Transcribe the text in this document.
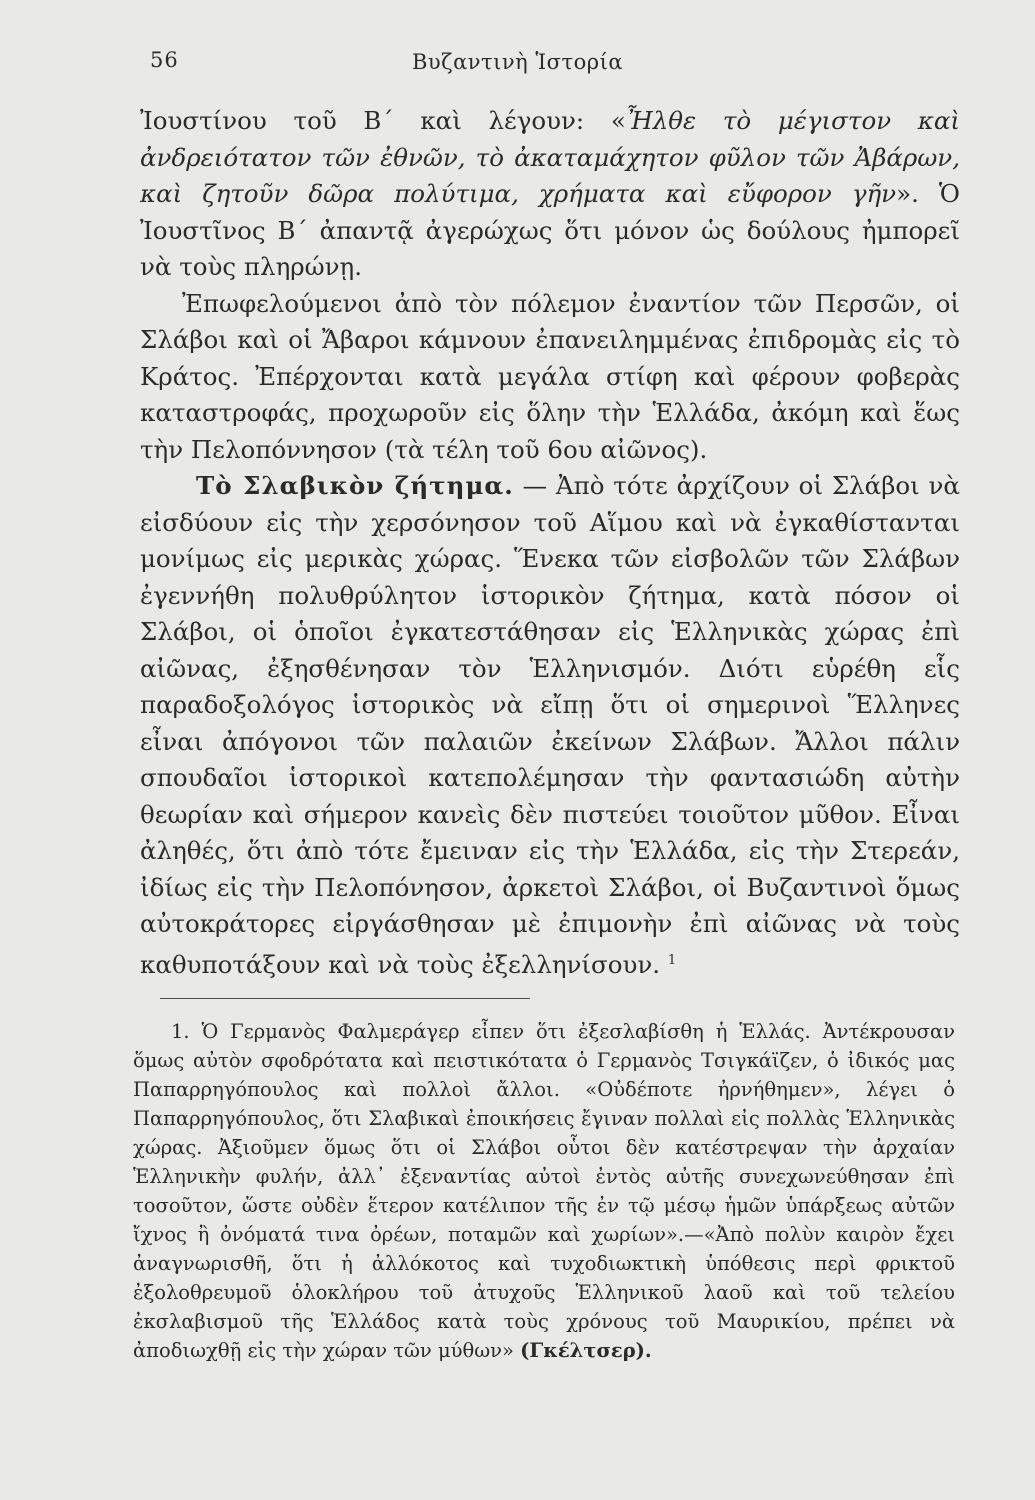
56	Βυζαντινὴ Ἱστορία

Ἰουστίνου τοῦ Β΄ καὶ λέγουν: «Ἦλθε τὸ μέγιστον καὶ ἀνδρειότατον τῶν ἐθνῶν, τὸ ἀκαταμάχητον φῦλον τῶν Ἀβάρων, καὶ ζητοῦν δῶρα πολύτιμα, χρήματα καὶ εὔφορον γῆν». Ὁ Ἰουστῖνος Β΄ ἀπαντᾷ ἀγερώχως ὅτι μόνον ὡς δούλους ἠμπορεῖ νὰ τοὺς πληρώνῃ.

Ἐπωφελούμενοι ἀπὸ τὸν πόλεμον ἐναντίον τῶν Περσῶν, οἱ Σλάβοι καὶ οἱ Ἄβαροι κάμνουν ἐπανειλημμένας ἐπιδρομὰς εἰς τὸ Κράτος. Ἐπέρχονται κατὰ μεγάλα στίφη καὶ φέρουν φοβερὰς καταστροφάς, προχωροῦν εἰς ὅλην τὴν Ἑλλάδα, ἀκόμη καὶ ἕως τὴν Πελοπόννησον (τὰ τέλη τοῦ 6ου αἰῶνος).

Τὸ Σλαβικὸν ζήτημα. — Ἀπὸ τότε ἀρχίζουν οἱ Σλάβοι νὰ εἰσδύουν εἰς τὴν χερσόνησον τοῦ Αἵμου καὶ νὰ ἐγκαθίστανται μονίμως εἰς μερικὰς χώρας. Ἕνεκα τῶν εἰσβολῶν τῶν Σλάβων ἐγεννήθη πολυθρύλητον ἱστορικὸν ζήτημα, κατὰ πόσον οἱ Σλάβοι, οἱ ὁποῖοι ἐγκατεστάθησαν εἰς Ἑλληνικὰς χώρας ἐπὶ αἰῶνας, ἐξησθένησαν τὸν Ἑλληνισμόν. Διότι εὑρέθη εἷς παραδοξολόγος ἱστορικὸς νὰ εἴπῃ ὅτι οἱ σημερινοὶ Ἕλληνες εἶναι ἀπόγονοι τῶν παλαιῶν ἐκείνων Σλάβων. Ἄλλοι πάλιν σπουδαῖοι ἱστορικοὶ κατεπολέμησαν τὴν φαντασιώδη αὐτὴν θεωρίαν καὶ σήμερον κανεὶς δὲν πιστεύει τοιοῦτον μῦθον. Εἶναι ἀληθές, ὅτι ἀπὸ τότε ἔμειναν εἰς τὴν Ἑλλάδα, εἰς τὴν Στερεάν, ἰδίως εἰς τὴν Πελοπόνησον, ἀρκετοὶ Σλάβοι, οἱ Βυζαντινοὶ ὅμως αὐτοκράτορες εἰργάσθησαν μὲ ἐπιμονὴν ἐπὶ αἰῶνας νὰ τοὺς καθυποτάξουν καὶ νὰ τοὺς ἐξελληνίσουν. $^1$

1. Ὁ Γερμανὸς Φαλμεράγερ εἶπεν ὅτι ἐξεσλαβίσθη ἡ Ἑλλάς. Ἀντέκρουσαν ὅμως αὐτὸν σφοδρότατα καὶ πειστικότατα ὁ Γερμανὸς Τσιγκάϊζεν, ὁ ἰδικός μας Παπαρρηγόπουλος καὶ πολλοὶ ἄλλοι. «Οὐδέποτε ἠρνήθημεν», λέγει ὁ Παπαρρηγόπουλος, ὅτι Σλαβικαὶ ἐποικήσεις ἔγιναν πολλαὶ εἰς πολλὰς Ἑλληνικὰς χώρας. Ἀξιοῦμεν ὅμως ὅτι οἱ Σλάβοι οὗτοι δὲν κατέστρεψαν τὴν ἀρχαίαν Ἑλληνικὴν φυλήν, ἀλλ᾽ ἐξεναντίας αὐτοὶ ἐντὸς αὐτῆς συνεχωνεύθησαν ἐπὶ τοσοῦτον, ὥστε οὐδὲν ἕτερον κατέλιπον τῆς ἐν τῷ μέσῳ ἡμῶν ὑπάρξεως αὐτῶν ἴχνος ἢ ὀνόματά τινα ὀρέων, ποταμῶν καὶ χωρίων».—«Ἀπὸ πολὺν καιρὸν ἔχει ἀναγνωρισθῆ, ὅτι ἡ ἀλλόκοτος καὶ τυχοδιωκτικὴ ὑπόθεσις περὶ φρικτοῦ ἐξολοθρευμοῦ ὁλοκλήρου τοῦ ἀτυχοῦς Ἑλληνικοῦ λαοῦ καὶ τοῦ τελείου ἐκσλαβισμοῦ τῆς Ἑλλάδος κατὰ τοὺς χρόνους τοῦ Μαυρικίου, πρέπει νὰ ἀποδιωχθῇ εἰς τὴν χώραν τῶν μύθων» (Γκέλτσερ).
